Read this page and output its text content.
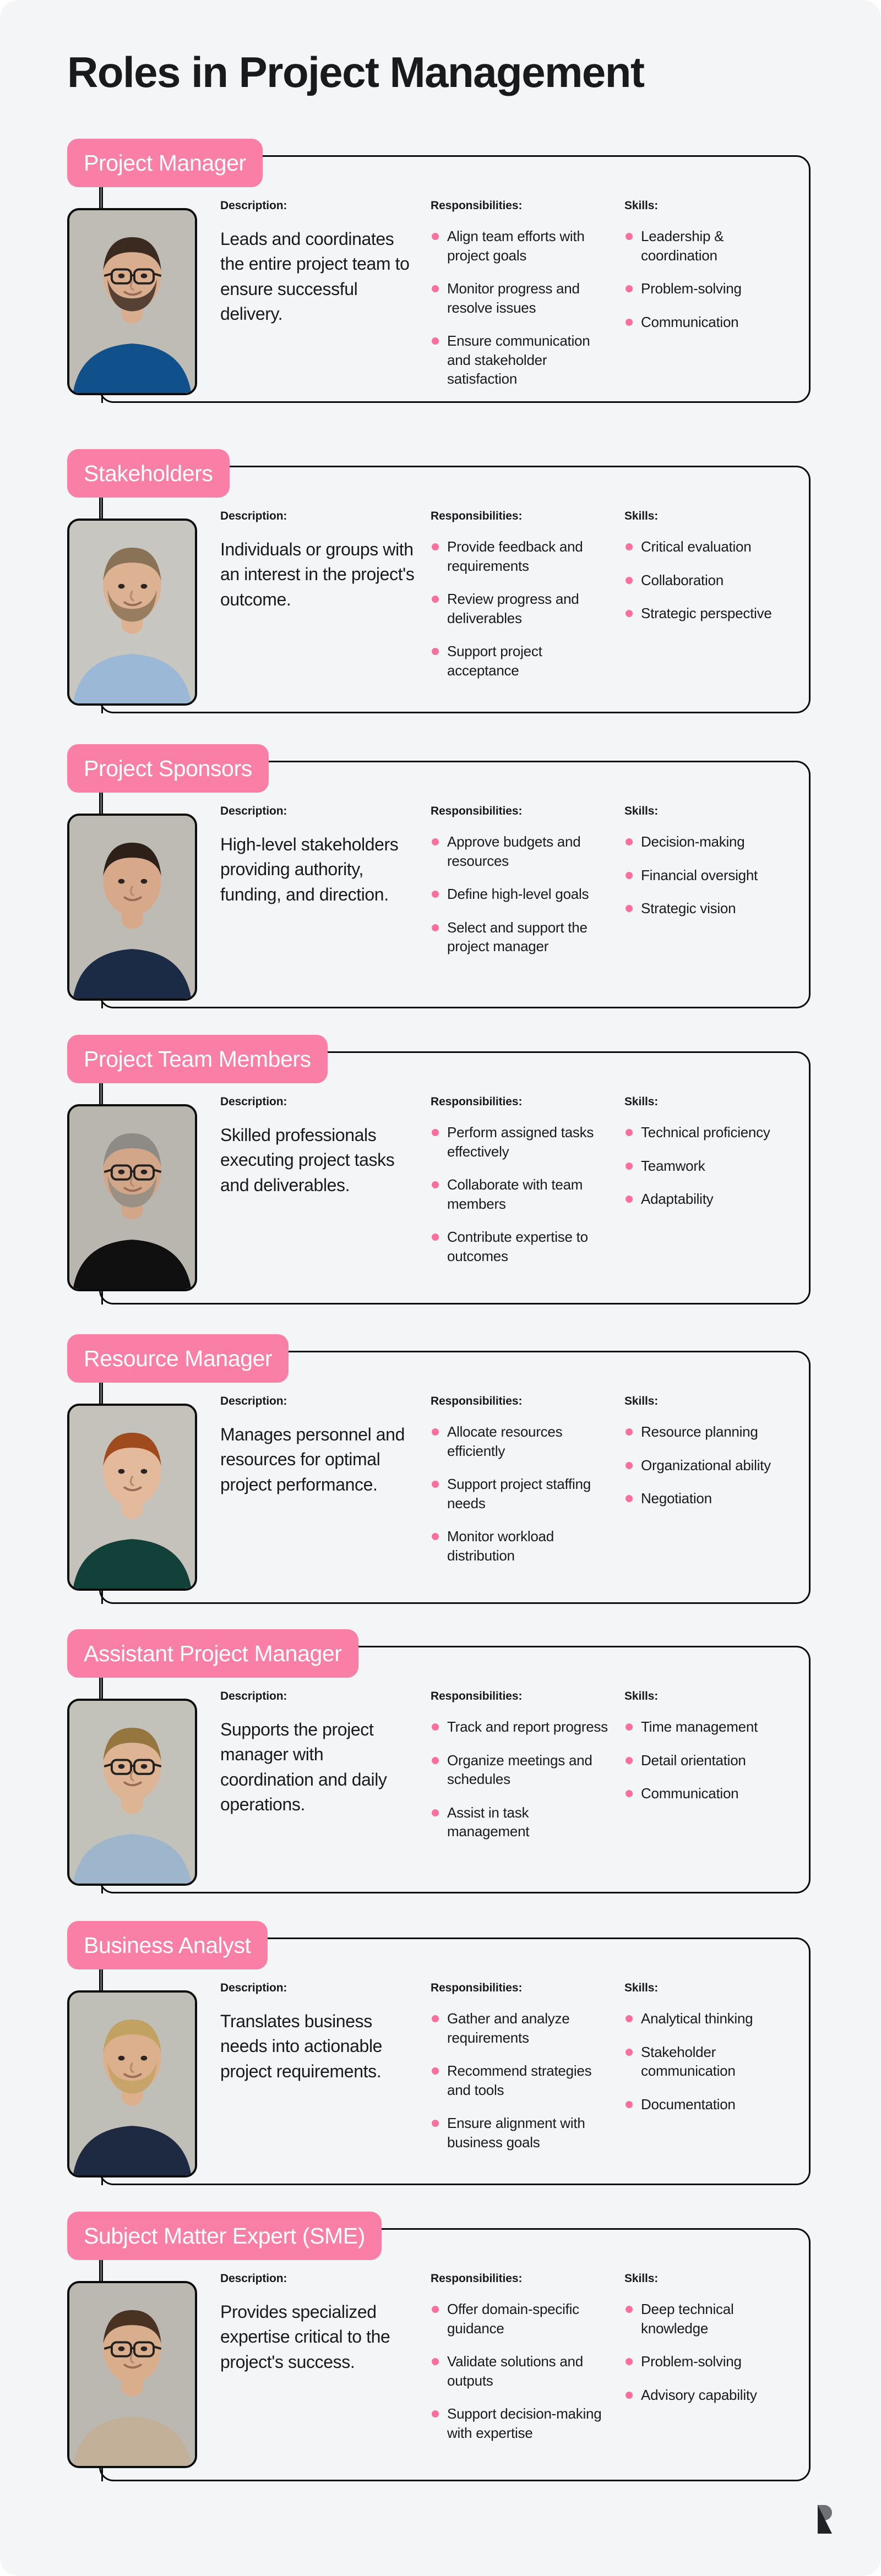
Roles in Project Management
Project Manager
Description:
Leads and coordinates the entire project team to ensure successful delivery.
Responsibilities:
Align team efforts with project goals
Monitor progress and resolve issues
Ensure communication and stakeholder satisfaction
Skills:
Leadership & coordination
Problem-solving
Communication
Stakeholders
Description:
Individuals or groups with an interest in the project's outcome.
Responsibilities:
Provide feedback and requirements
Review progress and deliverables
Support project acceptance
Skills:
Critical evaluation
Collaboration
Strategic perspective
Project Sponsors
Description:
High-level stakeholders providing authority, funding, and direction.
Responsibilities:
Approve budgets and resources
Define high-level goals
Select and support the project manager
Skills:
Decision-making
Financial oversight
Strategic vision
Project Team Members
Description:
Skilled professionals executing project tasks and deliverables.
Responsibilities:
Perform assigned tasks effectively
Collaborate with team members
Contribute expertise to outcomes
Skills:
Technical proficiency
Teamwork
Adaptability
Resource Manager
Description:
Manages personnel and resources for optimal project performance.
Responsibilities:
Allocate resources efficiently
Support project staffing needs
Monitor workload distribution
Skills:
Resource planning
Organizational ability
Negotiation
Assistant Project Manager
Description:
Supports the project manager with coordination and daily operations.
Responsibilities:
Track and report progress
Organize meetings and schedules
Assist in task management
Skills:
Time management
Detail orientation
Communication
Business Analyst
Description:
Translates business needs into actionable project requirements.
Responsibilities:
Gather and analyze requirements
Recommend strategies and tools
Ensure alignment with business goals
Skills:
Analytical thinking
Stakeholder communication
Documentation
Subject Matter Expert (SME)
Description:
Provides specialized expertise critical to the project's success.
Responsibilities:
Offer domain-specific guidance
Validate solutions and outputs
Support decision-making with expertise
Skills:
Deep technical knowledge
Problem-solving
Advisory capability
